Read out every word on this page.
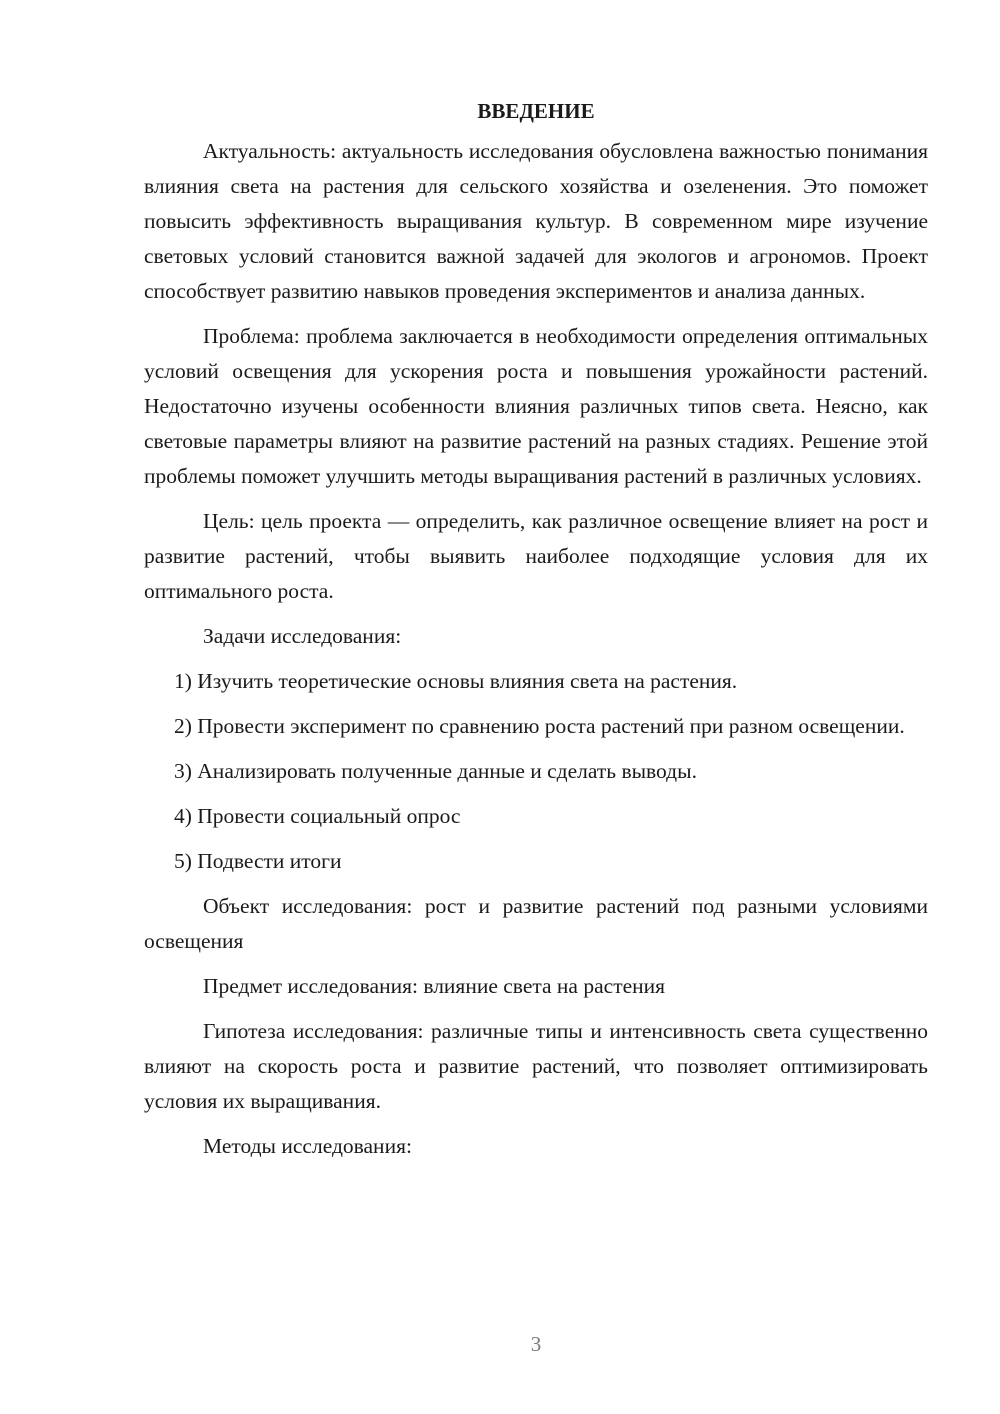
ВВЕДЕНИЕ

Актуальность: актуальность исследования обусловлена важностью понимания влияния света на растения для сельского хозяйства и озеленения. Это поможет повысить эффективность выращивания культур. В современном мире изучение световых условий становится важной задачей для экологов и агрономов. Проект способствует развитию навыков проведения экспериментов и анализа данных.

Проблема: проблема заключается в необходимости определения оптимальных условий освещения для ускорения роста и повышения урожайности растений. Недостаточно изучены особенности влияния различных типов света. Неясно, как световые параметры влияют на развитие растений на разных стадиях. Решение этой проблемы поможет улучшить методы выращивания растений в различных условиях.

Цель: цель проекта — определить, как различное освещение влияет на рост и развитие растений, чтобы выявить наиболее подходящие условия для их оптимального роста.

Задачи исследования:

1) Изучить теоретические основы влияния света на растения.

2) Провести эксперимент по сравнению роста растений при разном освещении.

3) Анализировать полученные данные и сделать выводы.

4) Провести социальный опрос

5) Подвести итоги

Объект исследования: рост и развитие растений под разными условиями освещения

Предмет исследования: влияние света на растения

Гипотеза исследования: различные типы и интенсивность света существенно влияют на скорость роста и развитие растений, что позволяет оптимизировать условия их выращивания.

Методы исследования:

3
